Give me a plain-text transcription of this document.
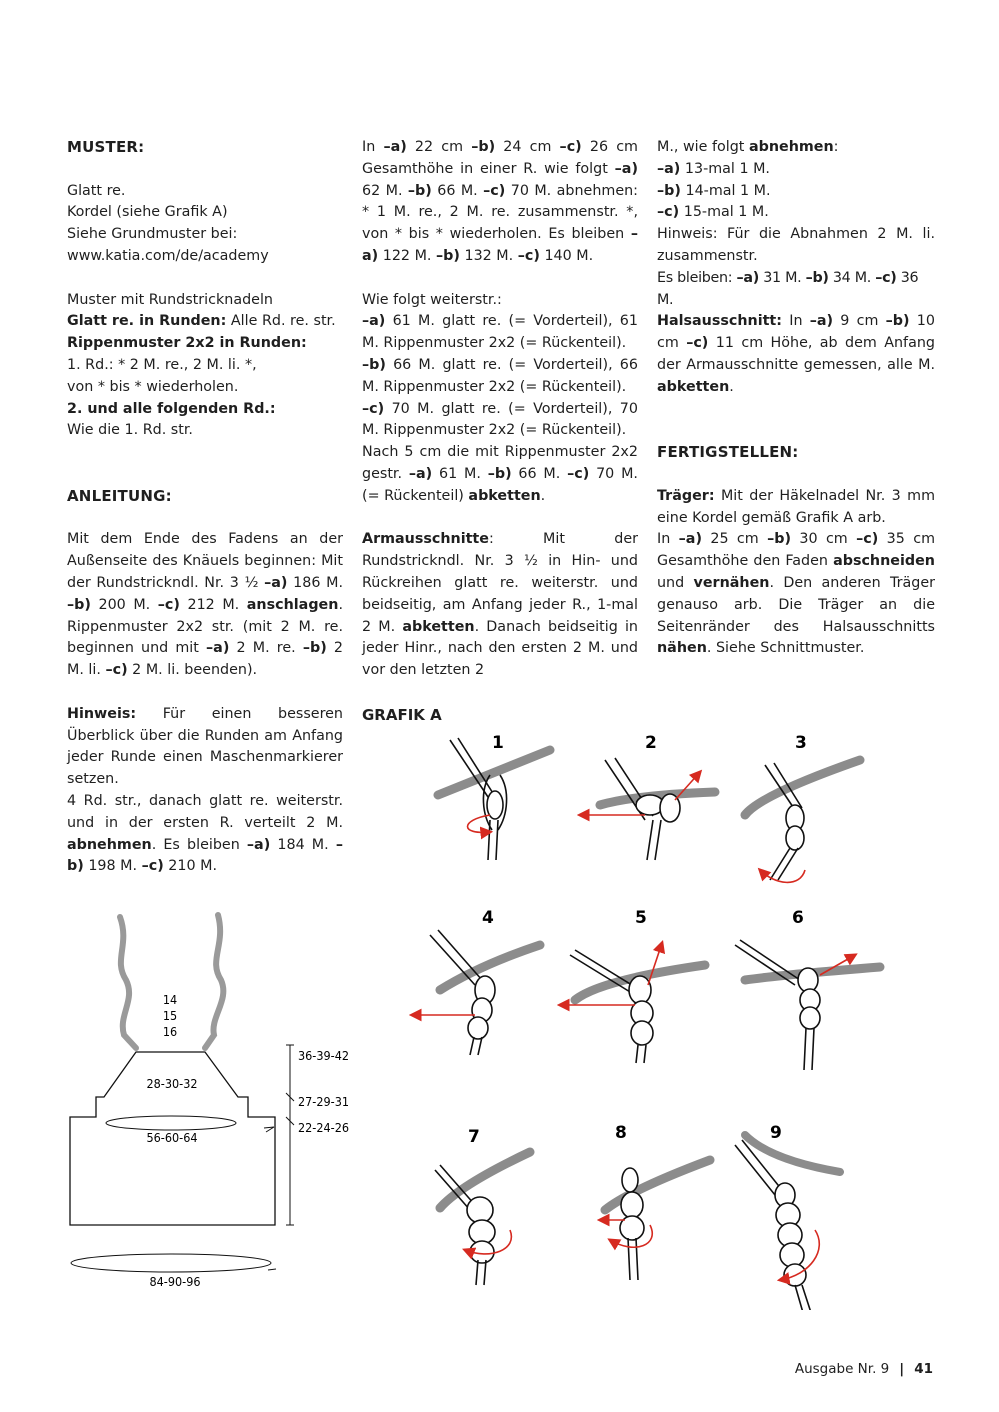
MUSTER:

Glatt re.

Kordel (siehe Grafik A)

Siehe Grundmuster bei:

www.katia.com/de/academy

Muster mit Rundstricknadeln

Glatt re. in Runden: Alle Rd. re. str.

Rippenmuster 2x2 in Runden:

1. Rd.: * 2 M. re., 2 M. li. *,

von * bis * wiederholen.

2. und alle folgenden Rd.:

Wie die 1. Rd. str.

ANLEITUNG:

Mit dem Ende des Fadens an der Außenseite des Knäuels beginnen: Mit der Rundstrickndl. Nr. 3 ½ –a) 186 M. –b) 200 M. –c) 212 M. anschlagen. Rippenmuster 2x2 str. (mit 2 M. re. beginnen und mit –a) 2 M. re. –b) 2 M. li. –c) 2 M. li. beenden).

Hinweis: Für einen besseren Überblick über die Runden am Anfang jeder Runde einen Maschenmarkierer setzen.

4 Rd. str., danach glatt re. weiterstr. und in der ersten R. verteilt 2 M. abnehmen. Es bleiben –a) 184 M. –b) 198 M. –c) 210 M.

In –a) 22 cm –b) 24 cm –c) 26 cm Gesamthöhe in einer R. wie folgt –a) 62 M. –b) 66 M. –c) 70 M. abnehmen: * 1 M. re., 2 M. re. zusammenstr. *, von * bis * wiederholen. Es bleiben –a) 122 M. –b) 132 M. –c) 140 M.

Wie folgt weiterstr.:

–a) 61 M. glatt re. (= Vorderteil), 61 M. Rippenmuster 2x2 (= Rückenteil).

–b) 66 M. glatt re. (= Vorderteil), 66 M. Rippenmuster 2x2 (= Rückenteil).

–c) 70 M. glatt re. (= Vorderteil), 70 M. Rippenmuster 2x2 (= Rückenteil).

Nach 5 cm die mit Rippenmuster 2x2 gestr. –a) 61 M. –b) 66 M. –c) 70 M. (= Rückenteil) abketten.

Armausschnitte: Mit der Rundstrickndl. Nr. 3 ½ in Hin- und Rückreihen glatt re. weiterstr. und beidseitig, am Anfang jeder R., 1-mal 2 M. abketten. Danach beidseitig in jeder Hinr., nach den ersten 2 M. und vor den letzten 2

M., wie folgt abnehmen:

–a) 13-mal 1 M.

–b) 14-mal 1 M.

–c) 15-mal 1 M.

Hinweis: Für die Abnahmen 2 M. li. zusammenstr.

Es bleiben: –a) 31 M. –b) 34 M. –c) 36 M.

Halsausschnitt: In –a) 9 cm –b) 10 cm –c) 11 cm Höhe, ab dem Anfang der Armausschnitte gemessen, alle M. abketten.

FERTIGSTELLEN:

Träger: Mit der Häkelnadel Nr. 3 mm eine Kordel gemäß Grafik A arb.

In –a) 25 cm –b) 30 cm –c) 35 cm Gesamthöhe den Faden abschneiden und vernähen. Den anderen Träger genauso arb. Die Träger an die Seitenränder des Halsausschnitts nähen. Siehe Schnittmuster.

GRAFIK A
1	2	3
4	5	6
7	8	9
14
15
16
28-30-32
56-60-64
84-90-96
36-39-42
27-29-31
22-24-26
Ausgabe Nr. 9 | 41
